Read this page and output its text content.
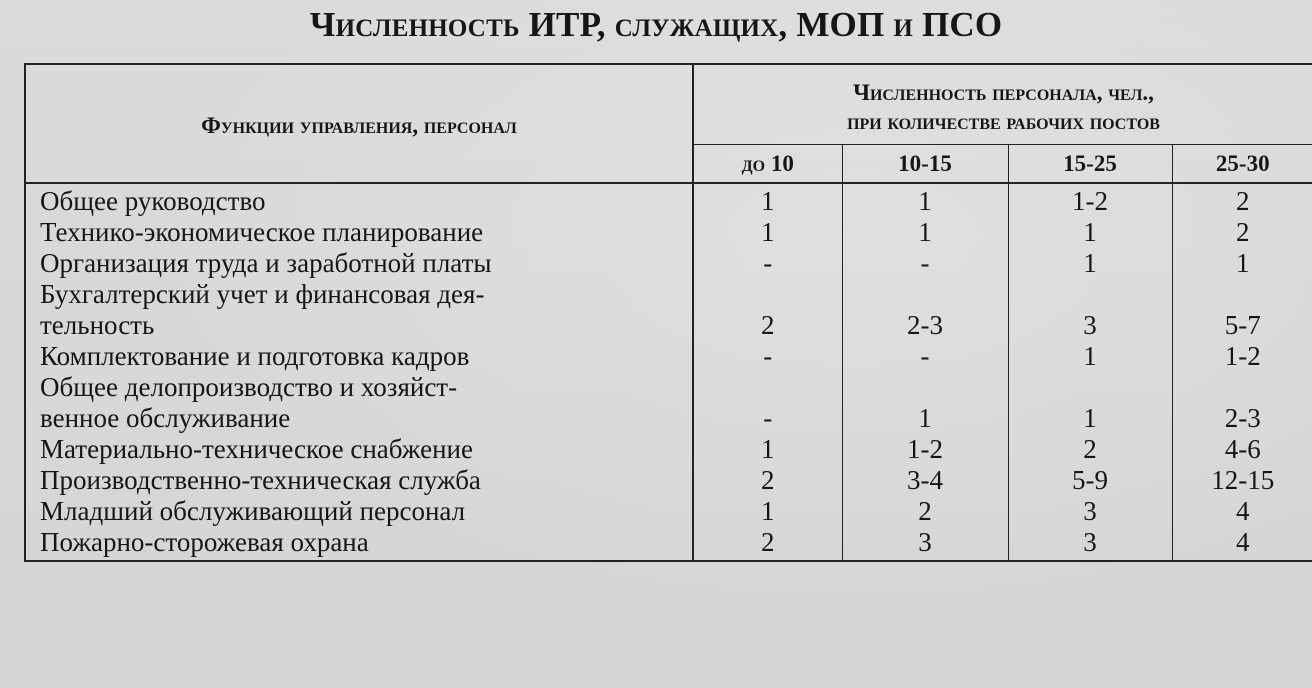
Численность ИТР, служащих, МОП и ПСО
Функции управления, персонал	Численность персонала, чел.,
при количестве рабочих постов			
	до 10	10-15	15-25	25-30
Общее руководство	1	1	1-2	2
Технико-экономическое планирование	1	1	1	2
Организация труда и заработной платы	-	-	1	1
Бухгалтерский учет и финансовая дея-
тельность	2	2-3	3	5-7
Комплектование и подготовка кадров	-	-	1	1-2
Общее делопроизводство и хозяйст-
венное обслуживание	-	1	1	2-3
Материально-техническое снабжение	1	1-2	2	4-6
Производственно-техническая служба	2	3-4	5-9	12-15
Младший обслуживающий персонал	1	2	3	4
Пожарно-сторожевая охрана	2	3	3	4
